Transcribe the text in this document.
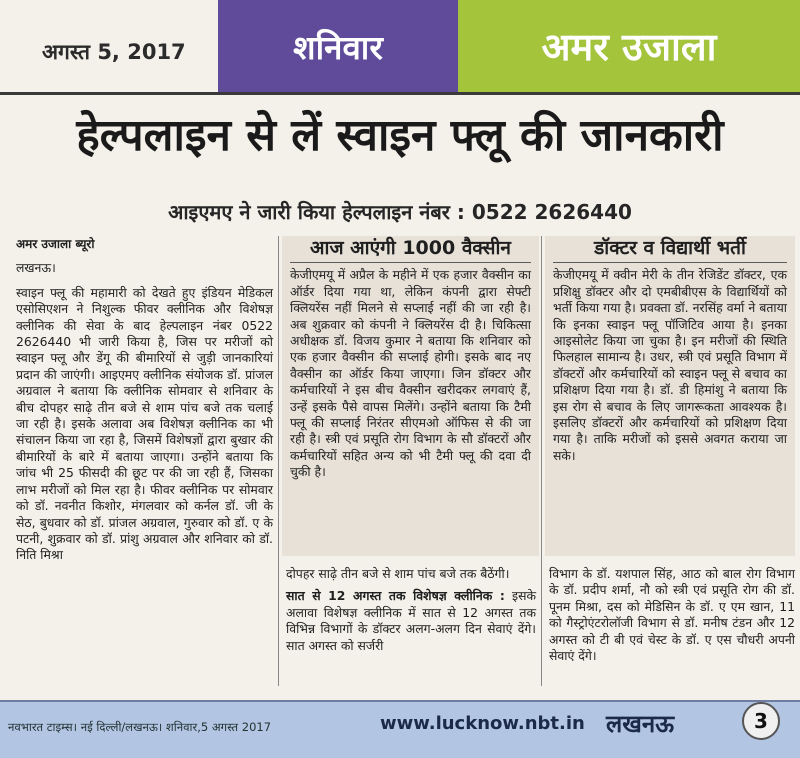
अगस्त 5, 2017	शनिवार	अमर उजाला
हेल्पलाइन से लें स्वाइन फ्लू की जानकारी
आइएमए ने जारी किया हेल्पलाइन नंबर : 0522 2626440
अमर उजाला ब्यूरो
लखनऊ।

स्वाइन फ्लू की महामारी को देखते हुए इंडियन मेडिकल एसोसिएशन ने निशुल्क फीवर क्लीनिक और विशेषज्ञ क्लीनिक की सेवा के बाद हेल्पलाइन नंबर 0522 2626440 भी जारी किया है, जिस पर मरीजों को स्वाइन फ्लू और डेंगू की बीमारियों से जुड़ी जानकारियां प्रदान की जाएंगी। आइएमए क्लीनिक संयोजक डॉ. प्रांजल अग्रवाल ने बताया कि क्लीनिक सोमवार से शनिवार के बीच दोपहर साढ़े तीन बजे से शाम पांच बजे तक चलाई जा रही है। इसके अलावा अब विशेषज्ञ क्लीनिक का भी संचालन किया जा रहा है, जिसमें विशेषज्ञों द्वारा बुखार की बीमारियों के बारे में बताया जाएगा। उन्होंने बताया कि जांच भी 25 फीसदी की छूट पर की जा रही हैं, जिसका लाभ मरीजों को मिल रहा है। फीवर क्लीनिक पर सोमवार को डॉ. नवनीत किशोर, मंगलवार को कर्नल डॉ. जी के सेठ, बुधवार को डॉ. प्रांजल अग्रवाल, गुरुवार को डॉ. ए के पटनी, शुक्रवार को डॉ. प्रांशु अग्रवाल और शनिवार को डॉ. निति मिश्रा

आज आएंगी 1000 वैक्सीन

केजीएमयू में अप्रैल के महीने में एक हजार वैक्सीन का ऑर्डर दिया गया था, लेकिन कंपनी द्वारा सेफ्टी क्लियरेंस नहीं मिलने से सप्लाई नहीं की जा रही है। अब शुक्रवार को कंपनी ने क्लियरेंस दी है। चिकित्सा अधीक्षक डॉ. विजय कुमार ने बताया कि शनिवार को एक हजार वैक्सीन की सप्लाई होगी। इसके बाद नए वैक्सीन का ऑर्डर किया जाएगा। जिन डॉक्टर और कर्मचारियों ने इस बीच वैक्सीन खरीदकर लगवाएं हैं, उन्हें इसके पैसे वापस मिलेंगे। उन्होंने बताया कि टैमी फ्लू की सप्लाई निरंतर सीएमओ ऑफिस से की जा रही है। स्त्री एवं प्रसूति रोग विभाग के सौ डॉक्टरों और कर्मचारियों सहित अन्य को भी टैमी फ्लू की दवा दी चुकी है।

डॉक्टर व विद्यार्थी भर्ती

केजीएमयू में क्वीन मेरी के तीन रेजिडेंट डॉक्टर, एक प्रशिक्षु डॉक्टर और दो एमबीबीएस के विद्यार्थियों को भर्ती किया गया है। प्रवक्ता डॉ. नरसिंह वर्मा ने बताया कि इनका स्वाइन फ्लू पॉजिटिव आया है। इनका आइसोलेट किया जा चुका है। इन मरीजों की स्थिति फिलहाल सामान्य है। उधर, स्त्री एवं प्रसूति विभाग में डॉक्टरों और कर्मचारियों को स्वाइन फ्लू से बचाव का प्रशिक्षण दिया गया है। डॉ. डी हिमांशु ने बताया कि इस रोग से बचाव के लिए जागरूकता आवश्यक है। इसलिए डॉक्टरों और कर्मचारियों को प्रशिक्षण दिया गया है। ताकि मरीजों को इससे अवगत कराया जा सके।

दोपहर साढ़े तीन बजे से शाम पांच बजे तक बैठेंगी।

सात से 12 अगस्त तक विशेषज्ञ क्लीनिक : इसके अलावा विशेषज्ञ क्लीनिक में सात से 12 अगस्त तक विभिन्न विभागों के डॉक्टर अलग-अलग दिन सेवाएं देंगे। सात अगस्त को सर्जरी

विभाग के डॉ. यशपाल सिंह, आठ को बाल रोग विभाग के डॉ. प्रदीप शर्मा, नौ को स्त्री एवं प्रसूति रोग की डॉ. पूनम मिश्रा, दस को मेडिसिन के डॉ. ए एम खान, 11 को गैस्ट्रोएंटरोलॉजी विभाग से डॉ. मनीष टंडन और 12 अगस्त को टी बी एवं चेस्ट के डॉ. ए एस चौधरी अपनी सेवाएं देंगे।

नवभारत टाइम्स। नई दिल्ली/लखनऊ। शनिवार,5 अगस्त 2017	www.lucknow.nbt.in लखनऊ	3
